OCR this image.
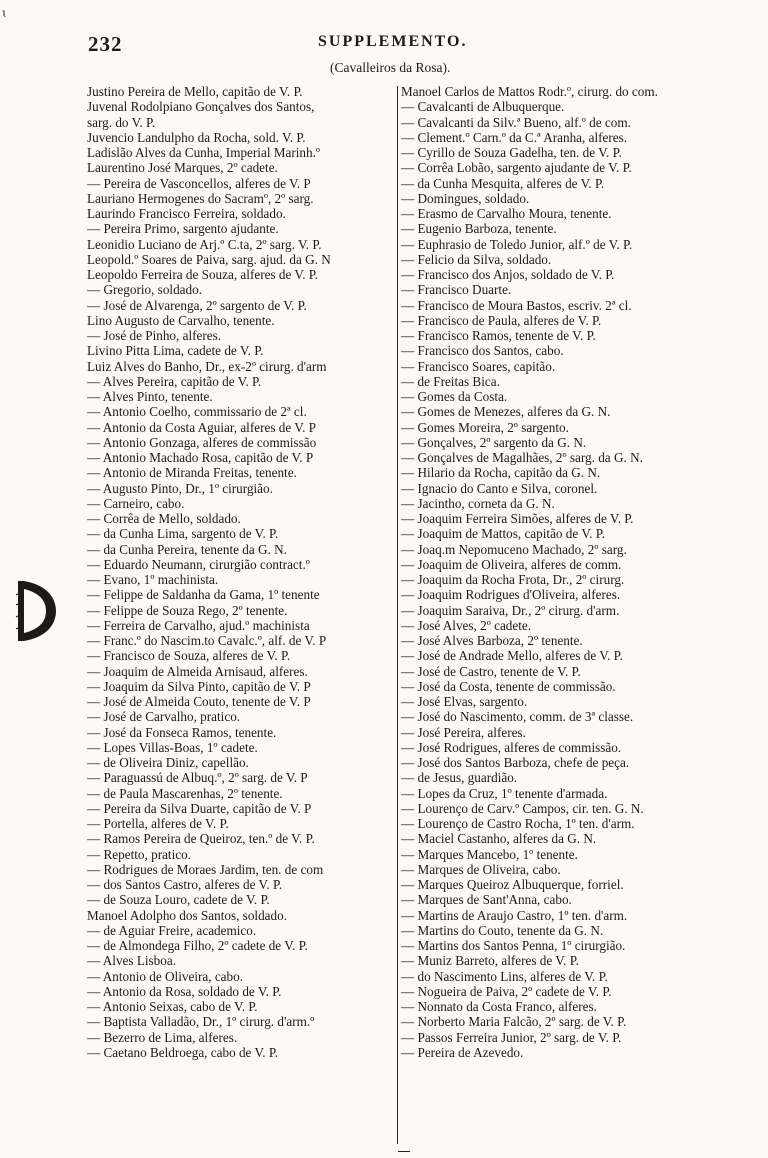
ɩ
232	SUPPLEMENTO.
(Cavalleiros da Rosa).
Justino Pereira de Mello, capitão de V. P.
Juvenal Rodolpiano Gonçalves dos Santos,
sarg. do V. P.
Juvencio Landulpho da Rocha, sold. V. P.
Ladislão Alves da Cunha, Imperial Marinh.º
Laurentino José Marques, 2º cadete.
— Pereira de Vasconcellos, alferes de V. P
Lauriano Hermogenes do Sacramº, 2º sarg.
Laurindo Francisco Ferreira, soldado.
— Pereira Primo, sargento ajudante.
Leonidio Luciano de Arj.º C.ta, 2º sarg. V. P.
Leopold.º Soares de Paiva, sarg. ajud. da G. N
Leopoldo Ferreira de Souza, alferes de V. P.
— Gregorio, soldado.
— José de Alvarenga, 2º sargento de V. P.
Lino Augusto de Carvalho, tenente.
— José de Pinho, alferes.
Livino Pitta Lima, cadete de V. P.
Luiz Alves do Banho, Dr., ex-2º cirurg. d'arm
— Alves Pereira, capitão de V. P.
— Alves Pinto, tenente.
— Antonio Coelho, commissario de 2ª cl.
— Antonio da Costa Aguiar, alferes de V. P
— Antonio Gonzaga, alferes de commissão
— Antonio Machado Rosa, capitão de V. P
— Antonio de Miranda Freitas, tenente.
— Augusto Pinto, Dr., 1º cirurgião.
— Carneiro, cabo.
— Corrêa de Mello, soldado.
— da Cunha Lima, sargento de V. P.
— da Cunha Pereira, tenente da G. N.
— Eduardo Neumann, cirurgião contract.º
— Evano, 1º machinista.
— Felippe de Saldanha da Gama, 1º tenente
— Felippe de Souza Rego, 2º tenente.
— Ferreira de Carvalho, ajud.º machinista
— Franc.º do Nascim.to Cavalc.º, alf. de V. P
— Francisco de Souza, alferes de V. P.
— Joaquim de Almeida Arnisaud, alferes.
— Joaquim da Silva Pinto, capitão de V. P
— José de Almeida Couto, tenente de V. P
— José de Carvalho, pratico.
— José da Fonseca Ramos, tenente.
— Lopes Villas-Boas, 1º cadete.
— de Oliveira Diniz, capellão.
— Paraguassú de Albuq.º, 2º sarg. de V. P
— de Paula Mascarenhas, 2º tenente.
— Pereira da Silva Duarte, capitão de V. P
— Portella, alferes de V. P.
— Ramos Pereira de Queiroz, ten.º de V. P.
— Repetto, pratico.
— Rodrigues de Moraes Jardim, ten. de com
— dos Santos Castro, alferes de V. P.
— de Souza Louro, cadete de V. P.
Manoel Adolpho dos Santos, soldado.
— de Aguiar Freire, academico.
— de Almondega Filho, 2º cadete de V. P.
— Alves Lisboa.
— Antonio de Oliveira, cabo.
— Antonio da Rosa, soldado de V. P.
— Antonio Seixas, cabo de V. P.
— Baptista Valladão, Dr., 1º cirurg. d'arm.º
— Bezerro de Lima, alferes.
— Caetano Beldroega, cabo de V. P.
Manoel Carlos de Mattos Rodr.º, cirurg. do com.
— Cavalcanti de Albuquerque.
— Cavalcanti da Silv.ª Bueno, alf.º de com.
— Clement.º Carn.º da C.ª Aranha, alferes.
— Cyrillo de Souza Gadelha, ten. de V. P.
— Corrêa Lobão, sargento ajudante de V. P.
— da Cunha Mesquita, alferes de V. P.
— Domingues, soldado.
— Erasmo de Carvalho Moura, tenente.
— Eugenio Barboza, tenente.
— Euphrasio de Toledo Junior, alf.º de V. P.
— Felicio da Silva, soldado.
— Francisco dos Anjos, soldado de V. P.
— Francisco Duarte.
— Francisco de Moura Bastos, escriv. 2ª cl.
— Francisco de Paula, alferes de V. P.
— Francisco Ramos, tenente de V. P.
— Francisco dos Santos, cabo.
— Francisco Soares, capitão.
— de Freitas Bica.
— Gomes da Costa.
— Gomes de Menezes, alferes da G. N.
— Gomes Moreira, 2º sargento.
— Gonçalves, 2º sargento da G. N.
— Gonçalves de Magalhães, 2º sarg. da G. N.
— Hilario da Rocha, capitão da G. N.
— Ignacio do Canto e Silva, coronel.
— Jacintho, corneta da G. N.
— Joaquim Ferreira Simões, alferes de V. P.
— Joaquim de Mattos, capitão de V. P.
— Joaq.m Nepomuceno Machado, 2º sarg.
— Joaquim de Oliveira, alferes de comm.
— Joaquim da Rocha Frota, Dr., 2º cirurg.
— Joaquim Rodrigues d'Oliveira, alferes.
— Joaquim Saraiva, Dr., 2º cirurg. d'arm.
— José Alves, 2º cadete.
— José Alves Barboza, 2º tenente.
— José de Andrade Mello, alferes de V. P.
— José de Castro, tenente de V. P.
— José da Costa, tenente de commissão.
— José Elvas, sargento.
— José do Nascimento, comm. de 3ª classe.
— José Pereira, alferes.
— José Rodrigues, alferes de commissão.
— José dos Santos Barboza, chefe de peça.
— de Jesus, guardião.
— Lopes da Cruz, 1º tenente d'armada.
— Lourenço de Carv.º Campos, cir. ten. G. N.
— Lourenço de Castro Rocha, 1º ten. d'arm.
— Maciel Castanho, alferes da G. N.
— Marques Mancebo, 1º tenente.
— Marques de Oliveira, cabo.
— Marques Queiroz Albuquerque, forriel.
— Marques de Sant'Anna, cabo.
— Martins de Araujo Castro, 1º ten. d'arm.
— Martins do Couto, tenente da G. N.
— Martins dos Santos Penna, 1º cirurgião.
— Muniz Barreto, alferes de V. P.
— do Nascimento Lins, alferes de V. P.
— Nogueira de Paiva, 2º cadete de V. P.
— Nonnato da Costa Franco, alferes.
— Norberto Maria Falcão, 2º sarg. de V. P.
— Passos Ferreira Junior, 2º sarg. de V. P.
— Pereira de Azevedo.
